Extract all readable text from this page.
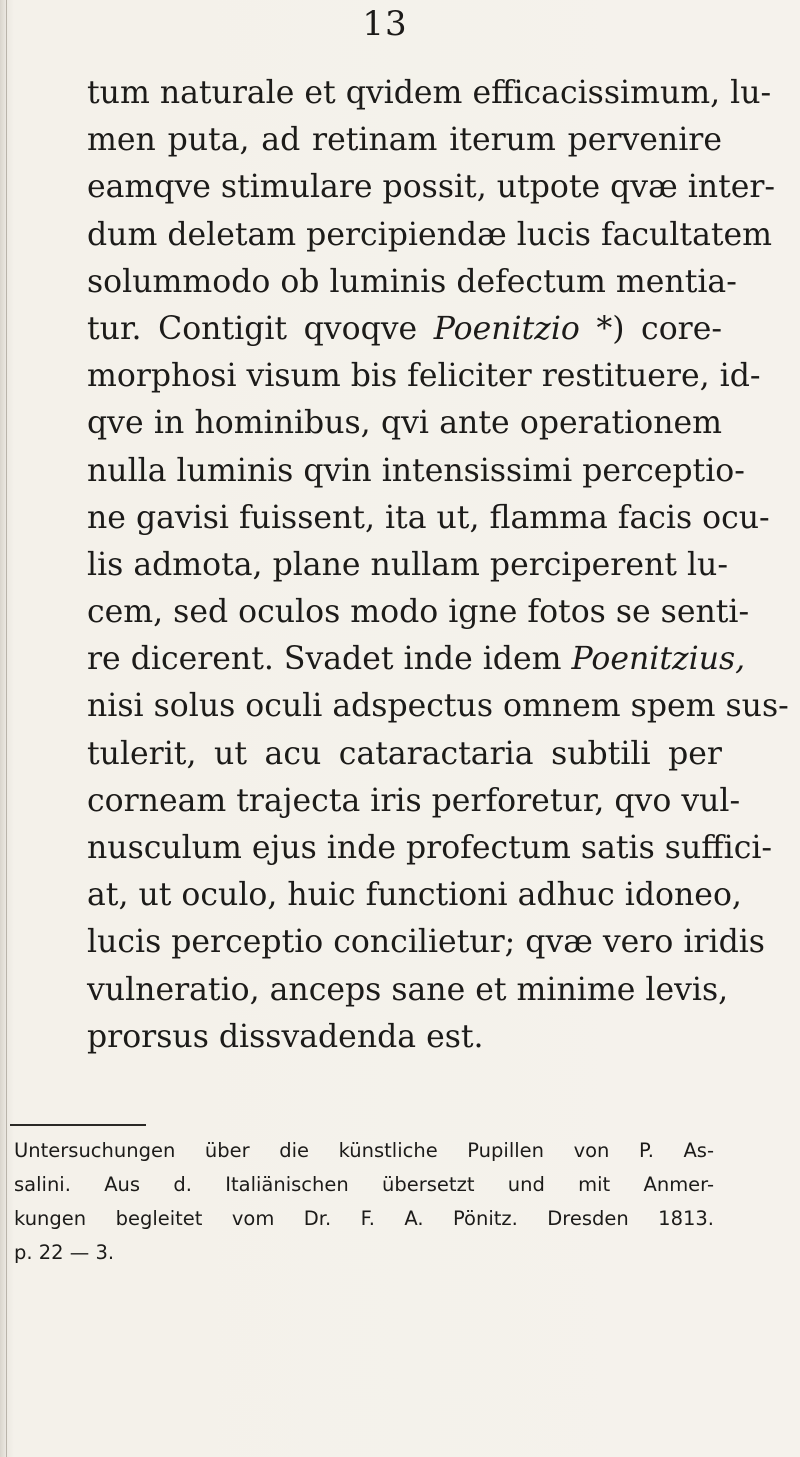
13
tum naturale et qvidem efficacissimum, lu-
men puta, ad retinam iterum pervenire
eamqve stimulare possit, utpote qvæ inter-
dum deletam percipiendæ lucis facultatem
solummodo ob luminis defectum mentia-
tur. Contigit qvoqve Poenitzio *) core-
morphosi visum bis feliciter restituere, id-
qve in hominibus, qvi ante operationem
nulla luminis qvin intensissimi perceptio-
ne gavisi fuissent, ita ut, flamma facis ocu-
lis admota, plane nullam perciperent lu-
cem, sed oculos modo igne fotos se senti-
re dicerent. Svadet inde idem Poenitzius,
nisi solus oculi adspectus omnem spem sus-
tulerit, ut acu cataractaria subtili per
corneam trajecta iris perforetur, qvo vul-
nusculum ejus inde profectum satis suffici-
at, ut oculo, huic functioni adhuc idoneo,
lucis perceptio concilietur; qvæ vero iridis
vulneratio, anceps sane et minime levis,
prorsus dissvadenda est.
Untersuchungen über die künstliche Pupillen von P. As-
salini. Aus d. Italiänischen übersetzt und mit Anmer-
kungen begleitet vom Dr. F. A. Pönitz. Dresden 1813.
p. 22 — 3.
